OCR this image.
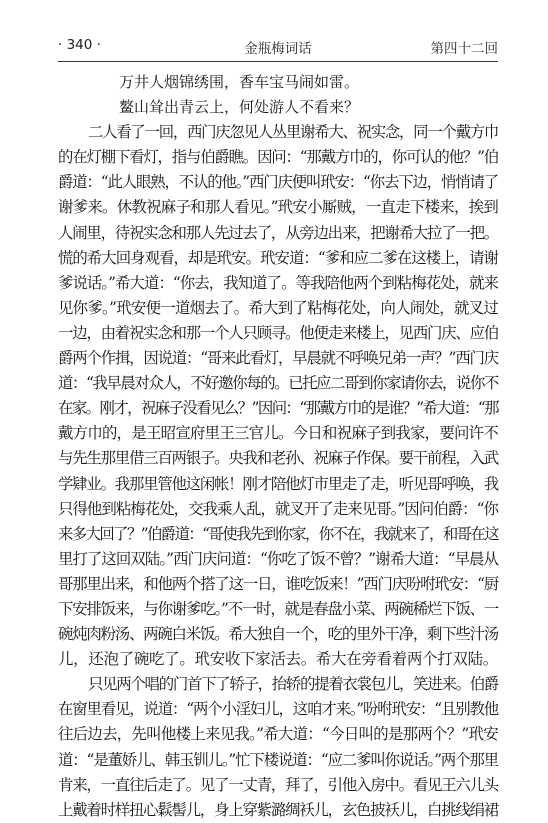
· 340 ·	金瓶梅词话	第四十二回
万井人烟锦绣围，香车宝马闹如雷。
鳌山耸出青云上，何处游人不看来？
二人看了一回，西门庆忽见人丛里谢希大、祝实念，同一个戴方巾
的在灯棚下看灯，指与伯爵瞧。因问：“那戴方巾的，你可认的他？”伯
爵道：“此人眼熟，不认的他。”西门庆便叫玳安：“你去下边，悄悄请了
谢爹来。休教祝麻子和那人看见。”玳安小厮贼，一直走下楼来，挨到
人闹里，待祝实念和那人先过去了，从旁边出来，把谢希大拉了一把。
慌的希大回身观看，却是玳安。玳安道：“爹和应二爹在这楼上，请谢
爹说话。”希大道：“你去，我知道了。等我陪他两个到粘梅花处，就来
见你爹。”玳安便一道烟去了。希大到了粘梅花处，向人闹处，就叉过
一边，由着祝实念和那一个人只顾寻。他便走来楼上，见西门庆、应伯
爵两个作揖，因说道：“哥来此看灯，早晨就不呼唤兄弟一声？”西门庆
道：“我早晨对众人，不好邀你每的。已托应二哥到你家请你去，说你不
在家。刚才，祝麻子没看见么？”因问：“那戴方巾的是谁？”希大道：“那
戴方巾的，是王昭宣府里王三官儿。今日和祝麻子到我家，要问许不
与先生那里借三百两银子。央我和老孙、祝麻子作保。要干前程，入武
学肄业。我那里管他这闲帐！刚才陪他灯市里走了走，听见哥呼唤，我
只得他到粘梅花处，交我乘人乱，就叉开了走来见哥。”因问伯爵：“你
来多大回了？”伯爵道：“哥使我先到你家，你不在，我就来了，和哥在这
里打了这回双陆。”西门庆问道：“你吃了饭不曾？”谢希大道：“早晨从
哥那里出来，和他两个搭了这一日，谁吃饭来！”西门庆吩咐玳安：“厨
下安排饭来，与你谢爹吃。”不一时，就是春盘小菜、两碗稀烂下饭、一
碗炖肉粉汤、两碗白米饭。希大独自一个，吃的里外干净，剩下些汁汤
儿，还泡了碗吃了。玳安收下家活去。希大在旁看着两个打双陆。
只见两个唱的门首下了轿子，抬轿的提着衣裳包儿，笑进来。伯爵
在窗里看见，说道：“两个小淫妇儿，这咱才来。”吩咐玳安：“且别教他
往后边去，先叫他楼上来见我。”希大道：“今日叫的是那两个？”玳安
道：“是董娇儿、韩玉钏儿。”忙下楼说道：“应二爹叫你说话。”两个那里
肯来，一直往后走了。见了一丈青，拜了，引他入房中。看见王六儿头
上戴着时样扭心鬏髻儿，身上穿紫潞绸袄儿，玄色披袄儿，白挑线绢裙
